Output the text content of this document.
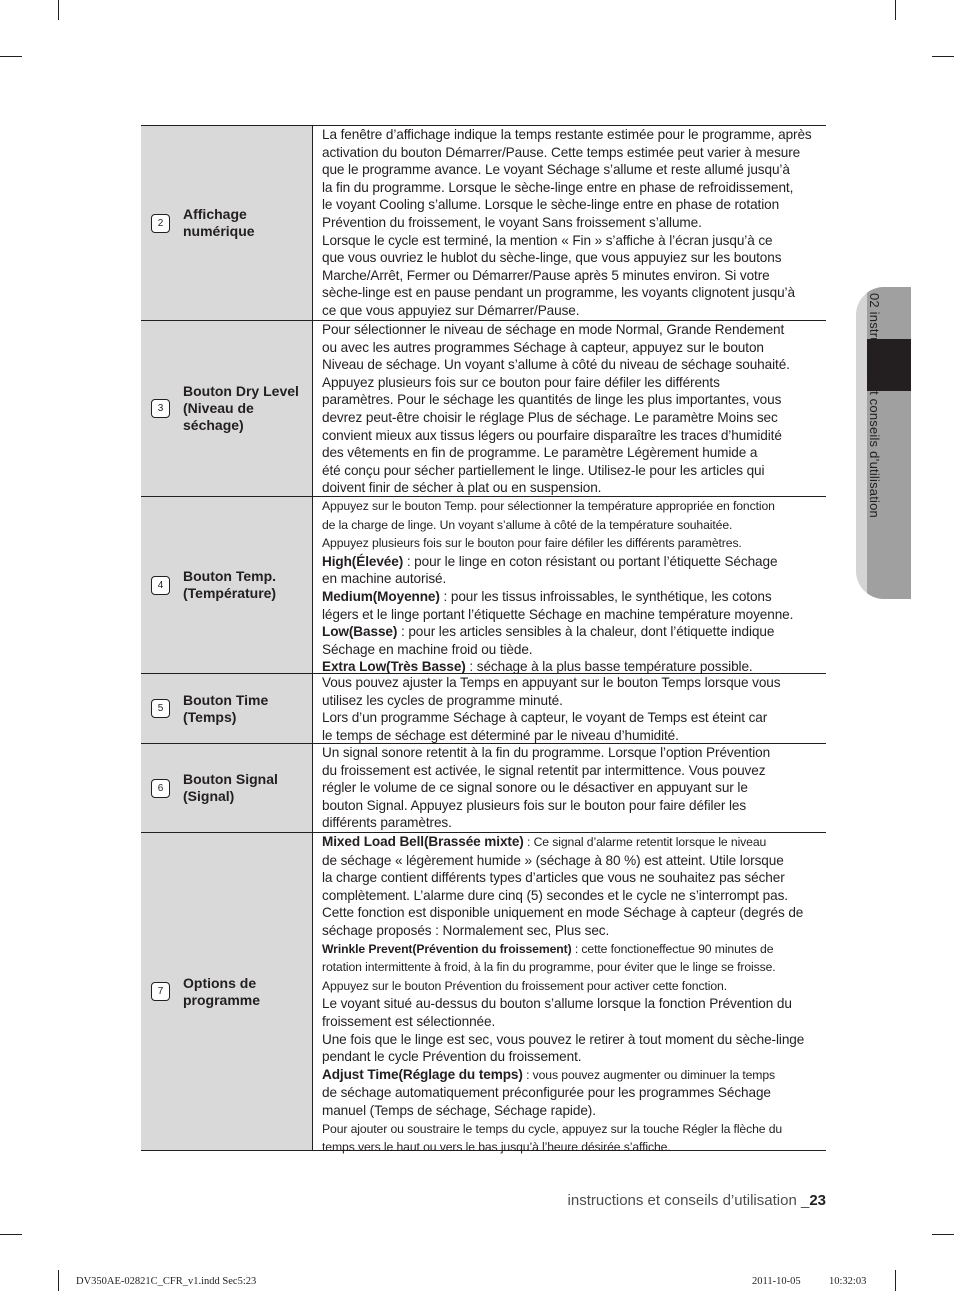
02 instructions et conseils d’utilisation
2
Affichage numérique

La fenêtre d’affichage indique la temps restante estimée pour le programme, après

activation du bouton Démarrer/Pause. Cette temps estimée peut varier à mesure

que le programme avance. Le voyant Séchage s’allume et reste allumé jusqu’à

la fin du programme. Lorsque le sèche-linge entre en phase de refroidissement,

le voyant Cooling s’allume. Lorsque le sèche-linge entre en phase de rotation

Prévention du froissement, le voyant Sans froissement s’allume.

Lorsque le cycle est terminé, la mention « Fin » s’affiche à l’écran jusqu’à ce

que vous ouvriez le hublot du sèche-linge, que vous appuyiez sur les boutons

Marche/Arrêt, Fermer ou Démarrer/Pause après 5 minutes environ. Si votre

sèche-linge est en pause pendant un programme, les voyants clignotent jusqu’à

ce que vous appuyiez sur Démarrer/Pause.

3
Bouton Dry Level (Niveau de séchage)

Pour sélectionner le niveau de séchage en mode Normal, Grande Rendement

ou avec les autres programmes Séchage à capteur, appuyez sur le bouton

Niveau de séchage. Un voyant s’allume à côté du niveau de séchage souhaité.

Appuyez plusieurs fois sur ce bouton pour faire défiler les différents

paramètres. Pour le séchage les quantités de linge les plus importantes, vous

devrez peut-être choisir le réglage Plus de séchage. Le paramètre Moins sec

convient mieux aux tissus légers ou pourfaire disparaître les traces d’humidité

des vêtements en fin de programme. Le paramètre Légèrement humide a

été conçu pour sécher partiellement le linge. Utilisez-le pour les articles qui

doivent finir de sécher à plat ou en suspension.

4
Bouton Temp. (Température)

Appuyez sur le bouton Temp. pour sélectionner la température appropriée en fonction

de la charge de linge. Un voyant s’allume à côté de la température souhaitée.

Appuyez plusieurs fois sur le bouton pour faire défiler les différents paramètres.

High(Élevée) : pour le linge en coton résistant ou portant l’étiquette Séchage

en machine autorisé.

Medium(Moyenne) : pour les tissus infroissables, le synthétique, les cotons

légers et le linge portant l’étiquette Séchage en machine température moyenne.

Low(Basse) : pour les articles sensibles à la chaleur, dont l’étiquette indique

Séchage en machine froid ou tiède.

Extra Low(Très Basse) : séchage à la plus basse température possible.

5
Bouton Time (Temps)

Vous pouvez ajuster la Temps en appuyant sur le bouton Temps lorsque vous

utilisez les cycles de programme minuté.

Lors d’un programme Séchage à capteur, le voyant de Temps est éteint car

le temps de séchage est déterminé par le niveau d’humidité.

6
Bouton Signal (Signal)

Un signal sonore retentit à la fin du programme. Lorsque l’option Prévention

du froissement est activée, le signal retentit par intermittence. Vous pouvez

régler le volume de ce signal sonore ou le désactiver en appuyant sur le

bouton Signal. Appuyez plusieurs fois sur le bouton pour faire défiler les

différents paramètres.

7
Options de programme

Mixed Load Bell(Brassée mixte) : Ce signal d’alarme retentit lorsque le niveau

de séchage « légèrement humide » (séchage à 80 %) est atteint. Utile lorsque

la charge contient différents types d’articles que vous ne souhaitez pas sécher

complètement. L’alarme dure cinq (5) secondes et le cycle ne s’interrompt pas.

Cette fonction est disponible uniquement en mode Séchage à capteur (degrés de

séchage proposés : Normalement sec, Plus sec.

Wrinkle Prevent(Prévention du froissement) : cette fonctioneffectue 90 minutes de

rotation intermittente à froid, à la fin du programme, pour éviter que le linge se froisse.

Appuyez sur le bouton Prévention du froissement pour activer cette fonction.

Le voyant situé au-dessus du bouton s’allume lorsque la fonction Prévention du

froissement est sélectionnée.

Une fois que le linge est sec, vous pouvez le retirer à tout moment du sèche-linge

pendant le cycle Prévention du froissement.

Adjust Time(Réglage du temps) : vous pouvez augmenter ou diminuer la temps

de séchage automatiquement préconfigurée pour les programmes Séchage

manuel (Temps de séchage, Séchage rapide).

Pour ajouter ou soustraire le temps du cycle, appuyez sur la touche Régler la flèche du

temps vers le haut ou vers le bas jusqu’à l’heure désirée s’affiche.

instructions et conseils d’utilisation _23
DV350AE-02821C_CFR_v1.indd Sec5:23	2011-10-05	10:32:03
